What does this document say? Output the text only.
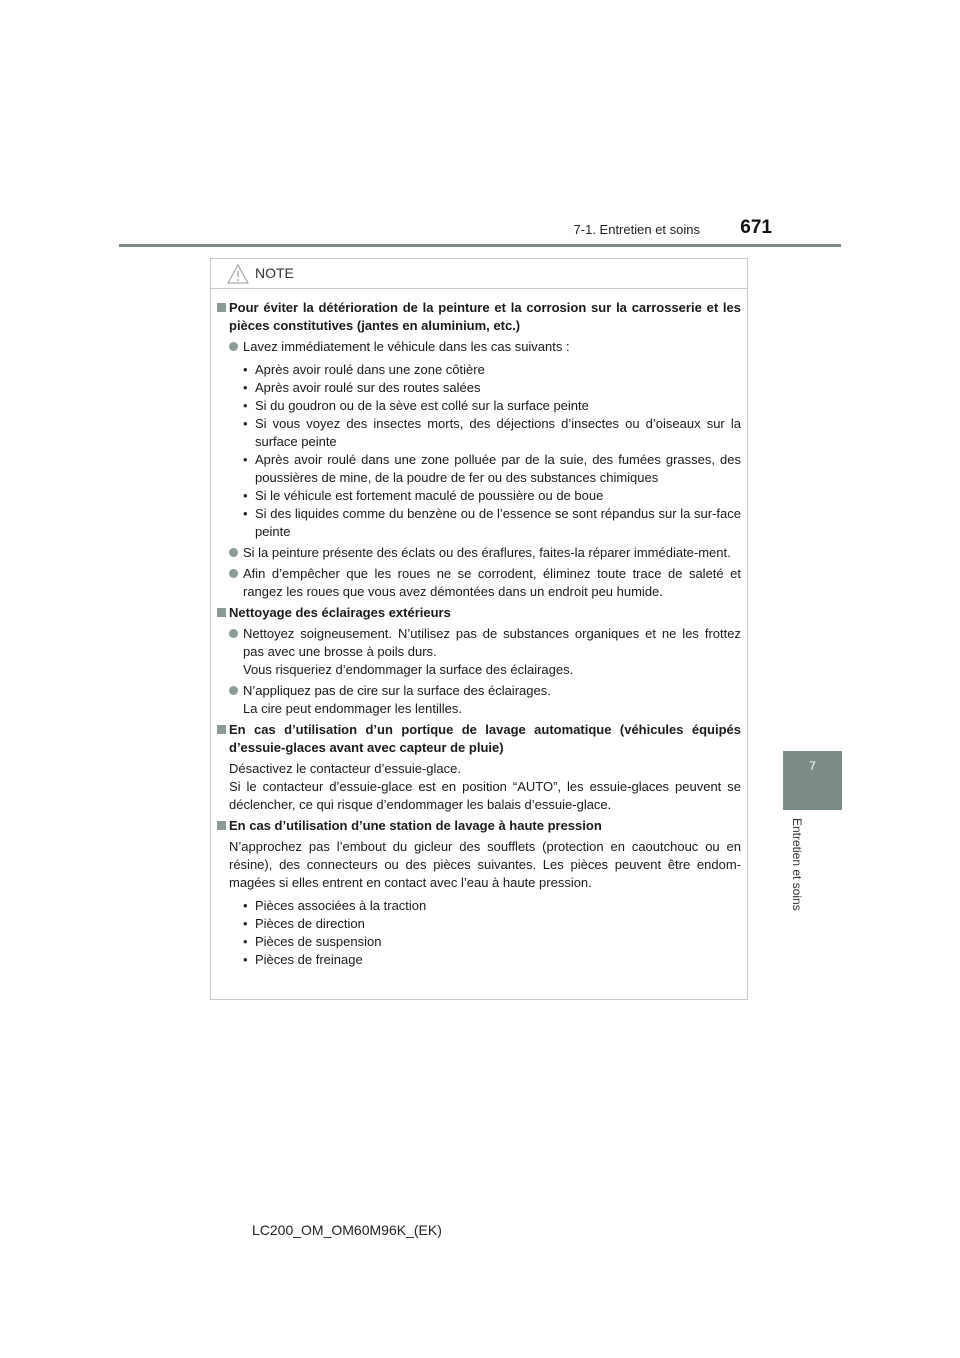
7-1. Entretien et soins 671
7
Entretien et soins
NOTE
Pour éviter la détérioration de la peinture et la corrosion sur la carrosserie et les pièces constitutives (jantes en aluminium, etc.)
Lavez immédiatement le véhicule dans les cas suivants :
• Après avoir roulé dans une zone côtière
• Après avoir roulé sur des routes salées
• Si du goudron ou de la sève est collé sur la surface peinte
• Si vous voyez des insectes morts, des déjections d’insectes ou d’oiseaux sur la surface peinte
• Après avoir roulé dans une zone polluée par de la suie, des fumées grasses, des poussières de mine, de la poudre de fer ou des substances chimiques
• Si le véhicule est fortement maculé de poussière ou de boue
• Si des liquides comme du benzène ou de l’essence se sont répandus sur la sur-face peinte
Si la peinture présente des éclats ou des éraflures, faites-la réparer immédiate-ment.
Afin d’empêcher que les roues ne se corrodent, éliminez toute trace de saleté et rangez les roues que vous avez démontées dans un endroit peu humide.
Nettoyage des éclairages extérieurs
Nettoyez soigneusement. N’utilisez pas de substances organiques et ne les frottez pas avec une brosse à poils durs.
Vous risqueriez d’endommager la surface des éclairages.
N’appliquez pas de cire sur la surface des éclairages.
La cire peut endommager les lentilles.
En cas d’utilisation d’un portique de lavage automatique (véhicules équipés d’essuie-glaces avant avec capteur de pluie)
Désactivez le contacteur d’essuie-glace.
Si le contacteur d’essuie-glace est en position “AUTO”, les essuie-glaces peuvent se déclencher, ce qui risque d’endommager les balais d’essuie-glace.
En cas d’utilisation d’une station de lavage à haute pression
N’approchez pas l’embout du gicleur des soufflets (protection en caoutchouc ou en résine), des connecteurs ou des pièces suivantes. Les pièces peuvent être endom-magées si elles entrent en contact avec l’eau à haute pression.
• Pièces associées à la traction
• Pièces de direction
• Pièces de suspension
• Pièces de freinage
LC200_OM_OM60M96K_(EK)
